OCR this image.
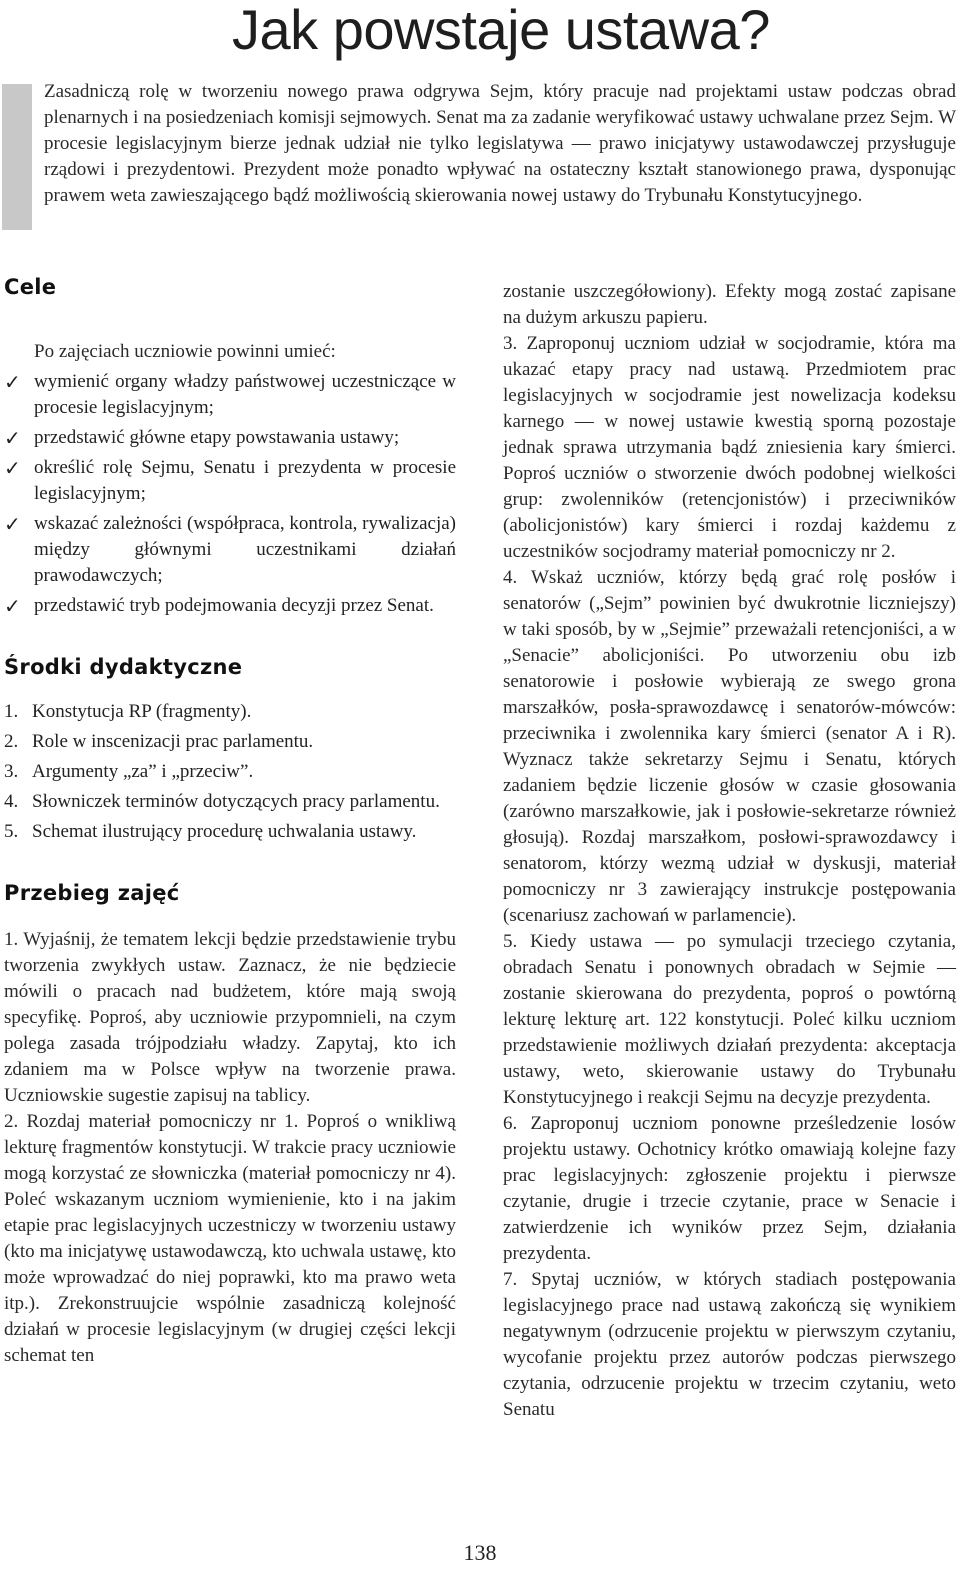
Jak powstaje ustawa?

Zasadniczą rolę w tworzeniu nowego prawa odgrywa Sejm, który pracuje nad projektami ustaw podczas obrad plenarnych i na posiedzeniach komisji sejmowych. Senat ma za zadanie weryfikować ustawy uchwalane przez Sejm. W procesie legislacyjnym bierze jednak udział nie tylko legislatywa — prawo inicjatywy ustawodawczej przysługuje rządowi i prezydentowi. Prezydent może ponadto wpływać na ostateczny kształt stanowionego prawa, dysponując prawem weta zawieszającego bądź możliwością skierowania nowej ustawy do Trybunału Konstytucyjnego.

Cele

Po zajęciach uczniowie powinni umieć:

✓ wymienić organy władzy państwowej uczestniczące w procesie legislacyjnym;
✓ przedstawić główne etapy powstawania ustawy;
✓ określić rolę Sejmu, Senatu i prezydenta w procesie legislacyjnym;
✓ wskazać zależności (współpraca, kontrola, rywalizacja) między głównymi uczestnikami działań prawodawczych;
✓ przedstawić tryb podejmowania decyzji przez Senat.
Środki dydaktyczne
1. Konstytucja RP (fragmenty).
2. Role w inscenizacji prac parlamentu.
3. Argumenty „za” i „przeciw”.
4. Słowniczek terminów dotyczących pracy parlamentu.
5. Schemat ilustrujący procedurę uchwalania ustawy.
Przebieg zajęć

1. Wyjaśnij, że tematem lekcji będzie przedstawienie trybu tworzenia zwykłych ustaw. Zaznacz, że nie będziecie mówili o pracach nad budżetem, które mają swoją specyfikę. Poproś, aby uczniowie przypomnieli, na czym polega zasada trójpodziału władzy. Zapytaj, kto ich zdaniem ma w Polsce wpływ na tworzenie prawa. Uczniowskie sugestie zapisuj na tablicy.

2. Rozdaj materiał pomocniczy nr 1. Poproś o wnikliwą lekturę fragmentów konstytucji. W trakcie pracy uczniowie mogą korzystać ze słowniczka (materiał pomocniczy nr 4). Poleć wskazanym uczniom wymienienie, kto i na jakim etapie prac legislacyjnych uczestniczy w tworzeniu ustawy (kto ma inicjatywę ustawodawczą, kto uchwala ustawę, kto może wprowadzać do niej poprawki, kto ma prawo weta itp.). Zrekonstruujcie wspólnie zasadniczą kolejność działań w procesie legislacyjnym (w drugiej części lekcji schemat ten

zostanie uszczegółowiony). Efekty mogą zostać zapisane na dużym arkuszu papieru.

3. Zaproponuj uczniom udział w socjodramie, która ma ukazać etapy pracy nad ustawą. Przedmiotem prac legislacyjnych w socjodramie jest nowelizacja kodeksu karnego — w nowej ustawie kwestią sporną pozostaje jednak sprawa utrzymania bądź zniesienia kary śmierci. Poproś uczniów o stworzenie dwóch podobnej wielkości grup: zwolenników (retencjonistów) i przeciwników (abolicjonistów) kary śmierci i rozdaj każdemu z uczestników socjodramy materiał pomocniczy nr 2.

4. Wskaż uczniów, którzy będą grać rolę posłów i senatorów („Sejm” powinien być dwukrotnie liczniejszy) w taki sposób, by w „Sejmie” przeważali retencjoniści, a w „Senacie” abolicjoniści. Po utworzeniu obu izb senatorowie i posłowie wybierają ze swego grona marszałków, posła-sprawozdawcę i senatorów-mówców: przeciwnika i zwolennika kary śmierci (senator A i R). Wyznacz także sekretarzy Sejmu i Senatu, których zadaniem będzie liczenie głosów w czasie głosowania (zarówno marszałkowie, jak i posłowie-sekretarze również głosują). Rozdaj marszałkom, posłowi-sprawozdawcy i senatorom, którzy wezmą udział w dyskusji, materiał pomocniczy nr 3 zawierający instrukcje postępowania (scenariusz zachowań w parlamencie).

5. Kiedy ustawa — po symulacji trzeciego czytania, obradach Senatu i ponownych obradach w Sejmie — zostanie skierowana do prezydenta, poproś o powtórną lekturę lekturę art. 122 konstytucji. Poleć kilku uczniom przedstawienie możliwych działań prezydenta: akceptacja ustawy, weto, skierowanie ustawy do Trybunału Konstytucyjnego i reakcji Sejmu na decyzje prezydenta.

6. Zaproponuj uczniom ponowne prześledzenie losów projektu ustawy. Ochotnicy krótko omawiają kolejne fazy prac legislacyjnych: zgłoszenie projektu i pierwsze czytanie, drugie i trzecie czytanie, prace w Senacie i zatwierdzenie ich wyników przez Sejm, działania prezydenta.

7. Spytaj uczniów, w których stadiach postępowania legislacyjnego prace nad ustawą zakończą się wynikiem negatywnym (odrzucenie projektu w pierwszym czytaniu, wycofanie projektu przez autorów podczas pierwszego czytania, odrzucenie projektu w trzecim czytaniu, weto Senatu

138
